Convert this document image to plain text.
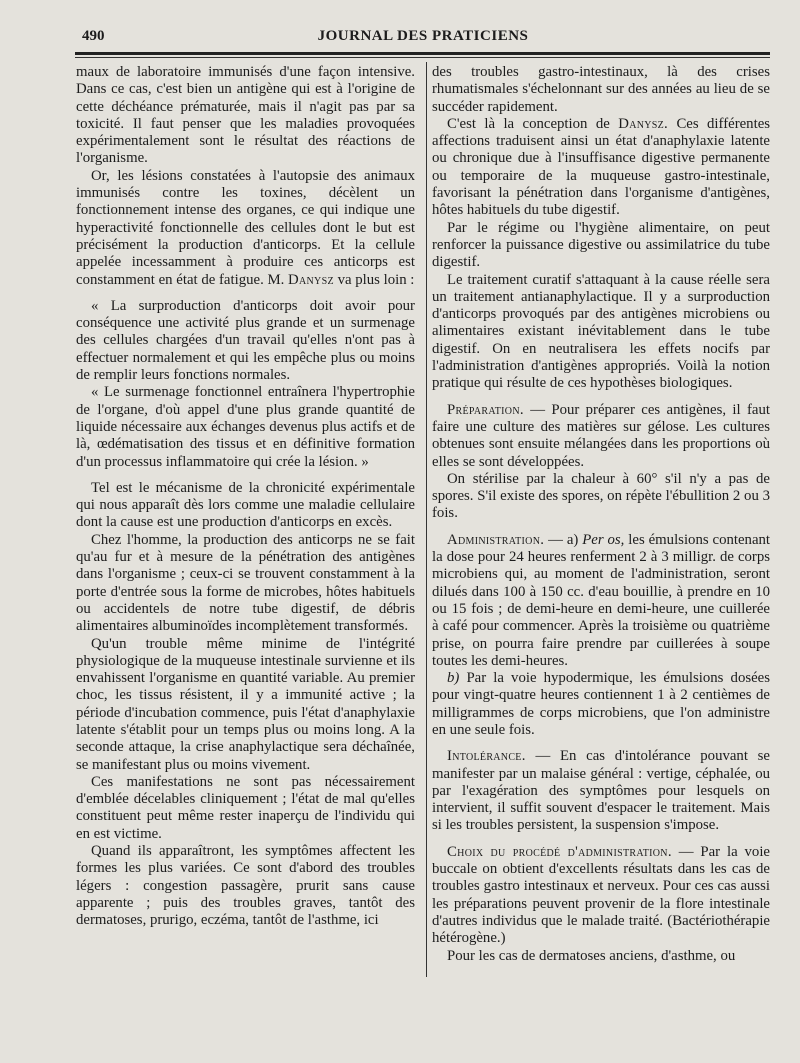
490	JOURNAL DES PRATICIENS

maux de laboratoire immunisés d'une façon intensive. Dans ce cas, c'est bien un antigène qui est à l'origine de cette déchéance prématurée, mais il n'agit pas par sa toxicité. Il faut penser que les maladies provoquées expérimentalement sont le résultat des réactions de l'organisme.

Or, les lésions constatées à l'autopsie des animaux immunisés contre les toxines, décèlent un fonctionnement intense des organes, ce qui indique une hyperactivité fonctionnelle des cellules dont le but est précisément la production d'anticorps. Et la cellule appelée incessamment à produire ces anticorps est constamment en état de fatigue. M. Danysz va plus loin :

« La surproduction d'anticorps doit avoir pour conséquence une activité plus grande et un surmenage des cellules chargées d'un travail qu'elles n'ont pas à effectuer normalement et qui les empêche plus ou moins de remplir leurs fonctions normales.

« Le surmenage fonctionnel entraînera l'hypertrophie de l'organe, d'où appel d'une plus grande quantité de liquide nécessaire aux échanges devenus plus actifs et de là, œdématisation des tissus et en définitive formation d'un processus inflammatoire qui crée la lésion. »

Tel est le mécanisme de la chronicité expérimentale qui nous apparaît dès lors comme une maladie cellulaire dont la cause est une production d'anticorps en excès.

Chez l'homme, la production des anticorps ne se fait qu'au fur et à mesure de la pénétration des antigènes dans l'organisme ; ceux-ci se trouvent constamment à la porte d'entrée sous la forme de microbes, hôtes habituels ou accidentels de notre tube digestif, de débris alimentaires albuminoïdes incomplètement transformés.

Qu'un trouble même minime de l'intégrité physiologique de la muqueuse intestinale survienne et ils envahissent l'organisme en quantité variable. Au premier choc, les tissus résistent, il y a immunité active ; la période d'incubation commence, puis l'état d'anaphylaxie latente s'établit pour un temps plus ou moins long. A la seconde attaque, la crise anaphylactique sera déchaînée, se manifestant plus ou moins vivement.

Ces manifestations ne sont pas nécessairement d'emblée décelables cliniquement ; l'état de mal qu'elles constituent peut même rester inaperçu de l'individu qui en est victime.

Quand ils apparaîtront, les symptômes affectent les formes les plus variées. Ce sont d'abord des troubles légers : congestion passagère, prurit sans cause apparente ; puis des troubles graves, tantôt des dermatoses, prurigo, eczéma, tantôt de l'asthme, ici

des troubles gastro-intestinaux, là des crises rhumatismales s'échelonnant sur des années au lieu de se succéder rapidement.

C'est là la conception de Danysz. Ces différentes affections traduisent ainsi un état d'anaphylaxie latente ou chronique due à l'insuffisance digestive permanente ou temporaire de la muqueuse gastro-intestinale, favorisant la pénétration dans l'organisme d'antigènes, hôtes habituels du tube digestif.

Par le régime ou l'hygiène alimentaire, on peut renforcer la puissance digestive ou assimilatrice du tube digestif.

Le traitement curatif s'attaquant à la cause réelle sera un traitement antianaphylactique. Il y a surproduction d'anticorps provoqués par des antigènes microbiens ou alimentaires existant inévitablement dans le tube digestif. On en neutralisera les effets nocifs par l'administration d'antigènes appropriés. Voilà la notion pratique qui résulte de ces hypothèses biologiques.

Préparation. — Pour préparer ces antigènes, il faut faire une culture des matières sur gélose. Les cultures obtenues sont ensuite mélangées dans les proportions où elles se sont développées.

On stérilise par la chaleur à 60° s'il n'y a pas de spores. S'il existe des spores, on répète l'ébullition 2 ou 3 fois.

Administration. — a) Per os, les émulsions contenant la dose pour 24 heures renferment 2 à 3 milligr. de corps microbiens qui, au moment de l'administration, seront dilués dans 100 à 150 cc. d'eau bouillie, à prendre en 10 ou 15 fois ; de demi-heure en demi-heure, une cuillerée à café pour commencer. Après la troisième ou quatrième prise, on pourra faire prendre par cuillerées à soupe toutes les demi-heures.

b) Par la voie hypodermique, les émulsions dosées pour vingt-quatre heures contiennent 1 à 2 centièmes de milligrammes de corps microbiens, que l'on administre en une seule fois.

Intolérance. — En cas d'intolérance pouvant se manifester par un malaise général : vertige, céphalée, ou par l'exagération des symptômes pour lesquels on intervient, il suffit souvent d'espacer le traitement. Mais si les troubles persistent, la suspension s'impose.

Choix du procédé d'administration. — Par la voie buccale on obtient d'excellents résultats dans les cas de troubles gastro intestinaux et nerveux. Pour ces cas aussi les préparations peuvent provenir de la flore intestinale d'autres individus que le malade traité. (Bactériothérapie hétérogène.)

Pour les cas de dermatoses anciens, d'asthme, ou
